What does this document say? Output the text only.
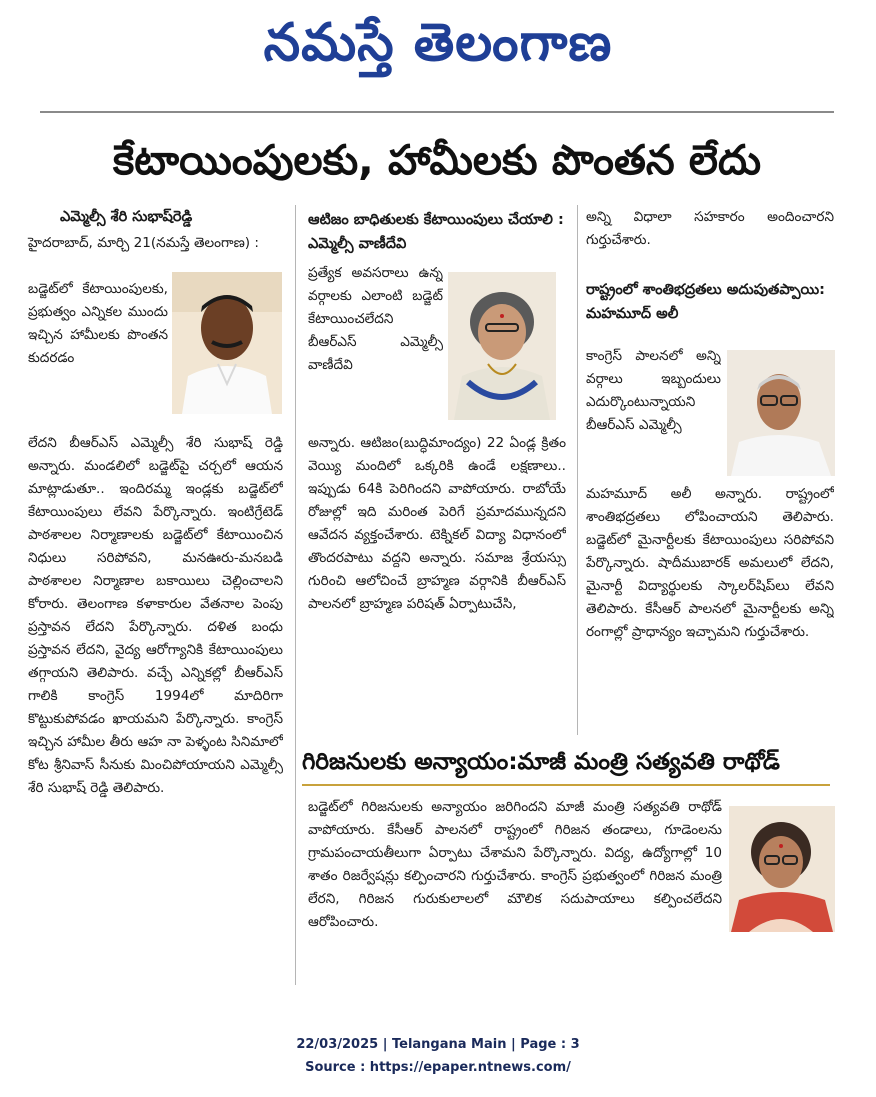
నమస్తే తెలంగాణ
కేటాయింపులకు, హామీలకు పొంతన లేదు
ఎమ్మెల్సీ శేరి సుభాష్‌రెడ్డి
హైదరాబాద్, మార్చి 21(నమస్తే తెలంగాణ) :
బడ్జెట్‌లో కేటాయింపులకు, ప్రభుత్వం ఎన్నికల ముందు ఇచ్చిన హామీలకు పొంతన కుదరడం
లేదని బీఆర్‌ఎస్ ఎమ్మెల్సీ శేరి సుభాష్ రెడ్డి అన్నారు. మండలిలో బడ్జెట్‌పై చర్చలో ఆయన మాట్లాడుతూ.. ఇందిరమ్మ ఇండ్లకు బడ్జెట్‌లో కేటాయింపులు లేవని పేర్కొన్నారు. ఇంటిగ్రేటెడ్ పాఠశాలల నిర్మాణాలకు బడ్జెట్‌లో కేటాయించిన నిధులు సరిపోవని, మనఊరు-మనబడి పాఠశాలల నిర్మాణాల బకాయిలు చెల్లించాలని కోరారు. తెలంగాణ కళాకారుల వేతనాల పెంపు ప్రస్తావన లేదని పేర్కొన్నారు. దళిత బంధు ప్రస్తావన లేదని, వైద్య ఆరోగ్యానికి కేటాయింపులు తగ్గాయని తెలిపారు. వచ్చే ఎన్నికల్లో బీఆర్‌ఎస్ గాలికి కాంగ్రెస్ 1994లో మాదిరిగా కొట్టుకుపోవడం ఖాయమని పేర్కొన్నారు. కాంగ్రెస్ ఇచ్చిన హామీల తీరు ఆహ నా పెళ్ళంట సినిమాలో కోట శ్రీనివాస్ సీనుకు మించిపోయాయని ఎమ్మెల్సీ శేరి సుభాష్ రెడ్డి తెలిపారు.
ఆటిజం బాధితులకు కేటాయింపులు చేయాలి : ఎమ్మెల్సీ వాణీదేవి
ప్రత్యేక అవసరాలు ఉన్న వర్గాలకు ఎలాంటి బడ్జెట్ కేటాయించలేదని బీఆర్‌ఎస్ ఎమ్మెల్సీ వాణీదేవి
అన్నారు. ఆటిజం(బుద్ధిమాంద్యం) 22 ఏండ్ల క్రితం వెయ్యి మందిలో ఒక్కరికి ఉండే లక్షణాలు.. ఇప్పుడు 64కి పెరిగిందని వాపోయారు. రాబోయే రోజుల్లో ఇది మరింత పెరిగే ప్రమాదమున్నదని ఆవేదన వ్యక్తంచేశారు. టెక్నికల్ విద్యా విధానంలో తొందరపాటు వద్దని అన్నారు. సమాజ శ్రేయస్సు గురించి ఆలోచించే బ్రాహ్మణ వర్గానికి బీఆర్‌ఎస్ పాలనలో బ్రాహ్మణ పరిషత్ ఏర్పాటుచేసి,
అన్ని విధాలా సహకారం అందించారని గుర్తుచేశారు.
రాష్ట్రంలో శాంతిభద్రతలు అదుపుతప్పాయి: మహమూద్ అలీ
కాంగ్రెస్ పాలనలో అన్ని వర్గాలు ఇబ్బందులు ఎదుర్కొంటున్నాయని బీఆర్‌ఎస్ ఎమ్మెల్సీ
మహమూద్ అలీ అన్నారు. రాష్ట్రంలో శాంతిభద్రతలు లోపించాయని తెలిపారు. బడ్జెట్‌లో మైనార్టీలకు కేటాయింపులు సరిపోవని పేర్కొన్నారు. షాదీముబారక్ అమలులో లేదని, మైనార్టీ విద్యార్థులకు స్కాలర్‌షిప్‌లు లేవని తెలిపారు. కేసీఆర్ పాలనలో మైనార్టీలకు అన్ని రంగాల్లో ప్రాధాన్యం ఇచ్చామని గుర్తుచేశారు.
గిరిజనులకు అన్యాయం:మాజీ మంత్రి సత్యవతి రాథోడ్
బడ్జెట్‌లో గిరిజనులకు అన్యాయం జరిగిందని మాజీ మంత్రి సత్యవతి రాథోడ్ వాపోయారు. కేసీఆర్ పాలనలో రాష్ట్రంలో గిరిజన తండాలు, గూడెంలను గ్రామపంచాయతీలుగా ఏర్పాటు చేశామని పేర్కొన్నారు. విద్య, ఉద్యోగాల్లో 10 శాతం రిజర్వేషన్లు కల్పించారని గుర్తుచేశారు. కాంగ్రెస్ ప్రభుత్వంలో గిరిజన మంత్రి లేరని, గిరిజన గురుకులాలలో మౌలిక సదుపాయాలు కల్పించలేదని ఆరోపించారు.
22/03/2025 | Telangana Main | Page : 3
Source : https://epaper.ntnews.com/
